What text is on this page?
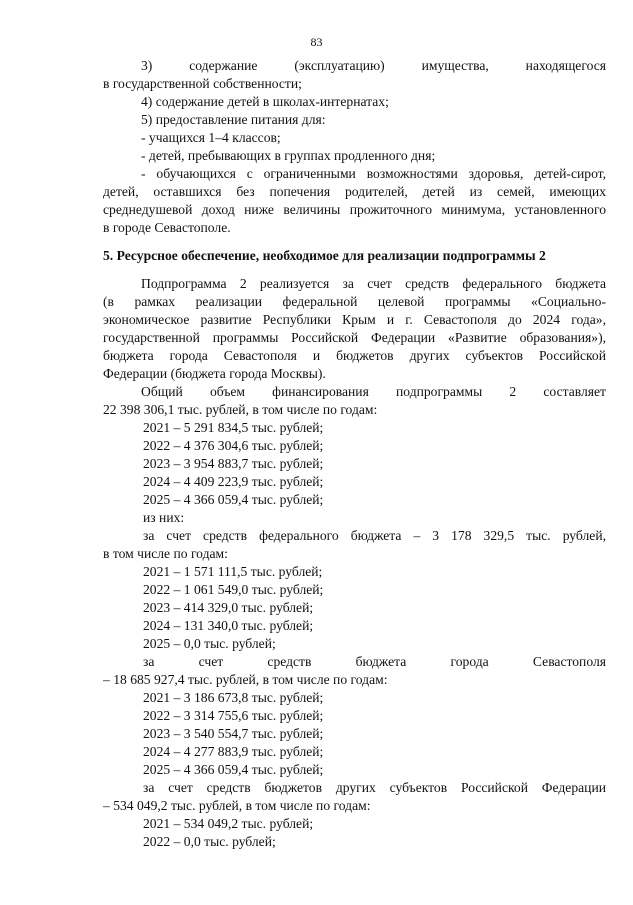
83
3) содержание (эксплуатацию) имущества, находящегося
в государственной собственности;
4) содержание детей в школах-интернатах;
5) предоставление питания для:
- учащихся 1–4 классов;
- детей, пребывающих в группах продленного дня;
- обучающихся с ограниченными возможностями здоровья, детей-сирот,
детей, оставшихся без попечения родителей, детей из семей, имеющих
среднедушевой доход ниже величины прожиточного минимума, установленного
в городе Севастополе.
5. Ресурсное обеспечение, необходимое для реализации подпрограммы 2
Подпрограмма 2 реализуется за счет средств федерального бюджета
(в рамках реализации федеральной целевой программы «Социально-
экономическое развитие Республики Крым и г. Севастополя до 2024 года»,
государственной программы Российской Федерации «Развитие образования»),
бюджета города Севастополя и бюджетов других субъектов Российской
Федерации (бюджета города Москвы).
Общий объем финансирования подпрограммы 2 составляет
22 398 306,1 тыс. рублей, в том числе по годам:
2021 – 5 291 834,5 тыс. рублей;
2022 – 4 376 304,6 тыс. рублей;
2023 – 3 954 883,7 тыс. рублей;
2024 – 4 409 223,9 тыс. рублей;
2025 – 4 366 059,4 тыс. рублей;
из них:
за счет средств федерального бюджета – 3 178 329,5 тыс. рублей,
в том числе по годам:
2021 – 1 571 111,5 тыс. рублей;
2022 – 1 061 549,0 тыс. рублей;
2023 – 414 329,0 тыс. рублей;
2024 – 131 340,0 тыс. рублей;
2025 – 0,0 тыс. рублей;
за счет средств бюджета города Севастополя
– 18 685 927,4 тыс. рублей, в том числе по годам:
2021 – 3 186 673,8 тыс. рублей;
2022 – 3 314 755,6 тыс. рублей;
2023 – 3 540 554,7 тыс. рублей;
2024 – 4 277 883,9 тыс. рублей;
2025 – 4 366 059,4 тыс. рублей;
за счет средств бюджетов других субъектов Российской Федерации
– 534 049,2 тыс. рублей, в том числе по годам:
2021 – 534 049,2 тыс. рублей;
2022 – 0,0 тыс. рублей;
